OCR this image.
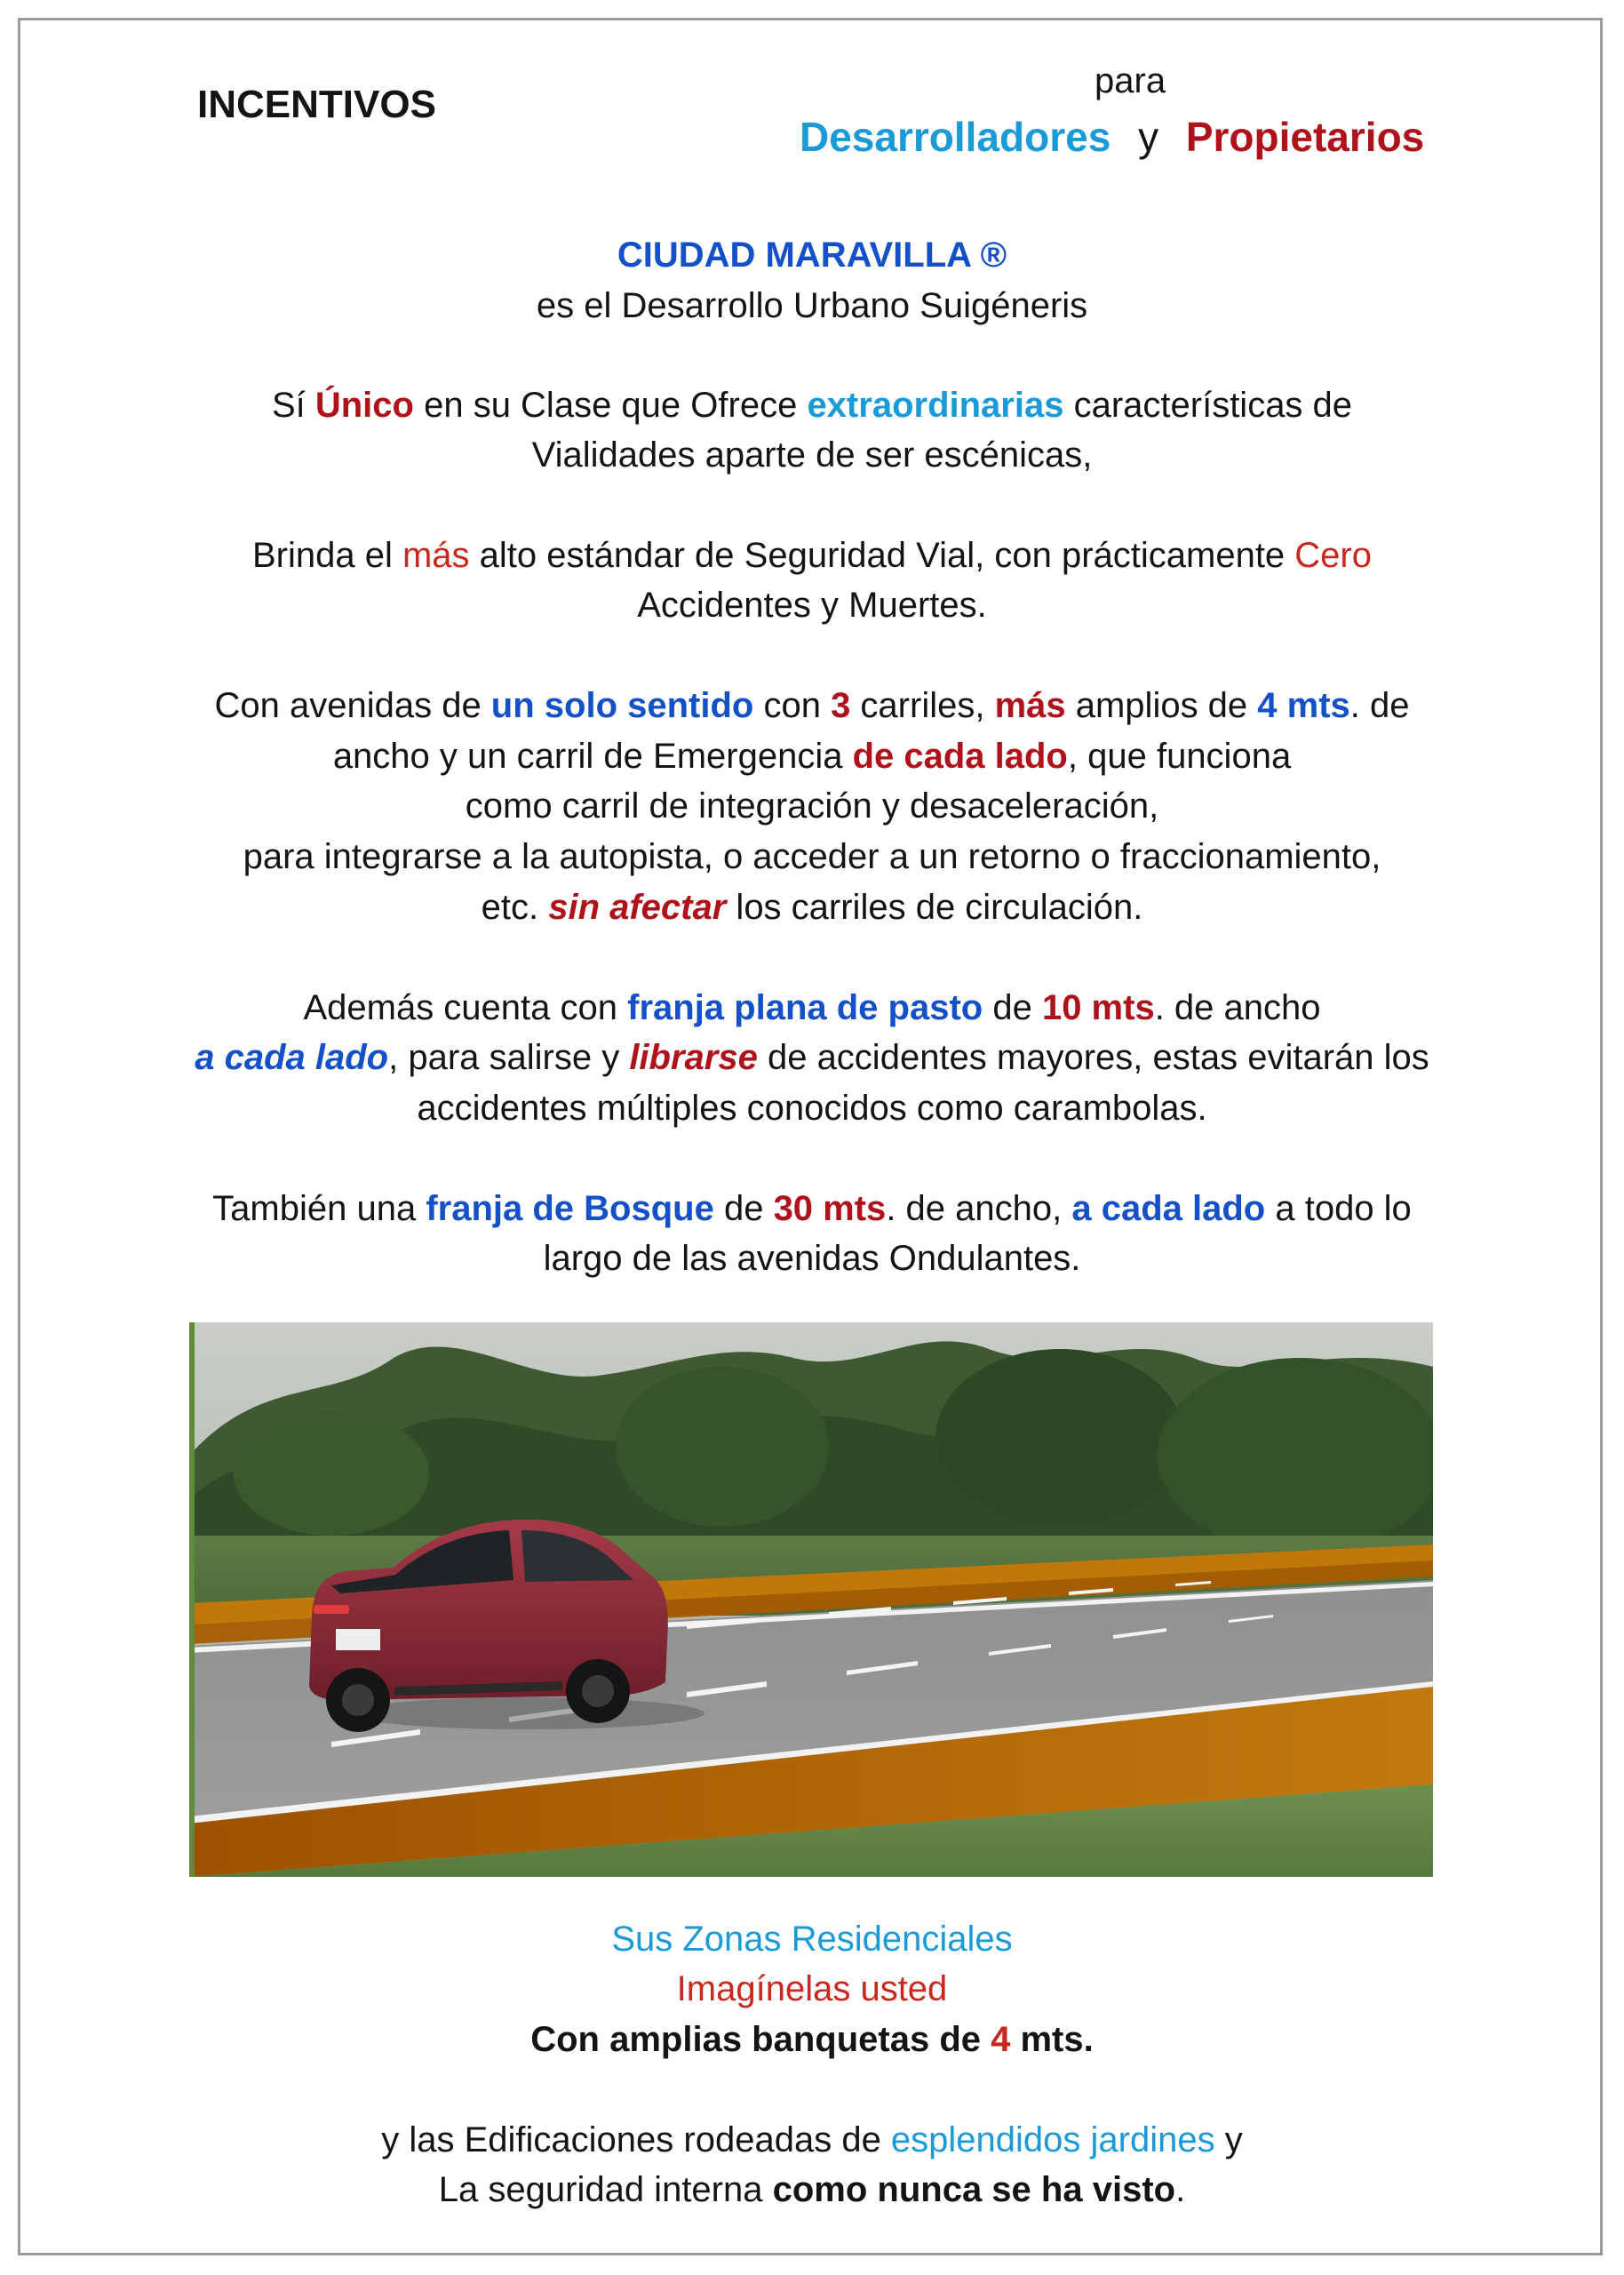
INCENTIVOS
para
Desarrolladores y Propietarios
CIUDAD MARAVILLA ®
es el Desarrollo Urbano Suigéneris
Sí Único en su Clase que Ofrece extraordinarias características de
Vialidades aparte de ser escénicas,
Brinda el más alto estándar de Seguridad Vial, con prácticamente Cero
Accidentes y Muertes.
Con avenidas de un solo sentido con 3 carriles, más amplios de 4 mts. de
ancho y un carril de Emergencia de cada lado, que funciona
como carril de integración y desaceleración,
para integrarse a la autopista, o acceder a un retorno o fraccionamiento,
etc. sin afectar los carriles de circulación.
Además cuenta con franja plana de pasto de 10 mts. de ancho
a cada lado, para salirse y librarse de accidentes mayores, estas evitarán los
accidentes múltiples conocidos como carambolas.
También una franja de Bosque de 30 mts. de ancho, a cada lado a todo lo
largo de las avenidas Ondulantes.
Sus Zonas Residenciales
Imagínelas usted
Con amplias banquetas de 4 mts.
y las Edificaciones rodeadas de esplendidos jardines y
La seguridad interna como nunca se ha visto.
